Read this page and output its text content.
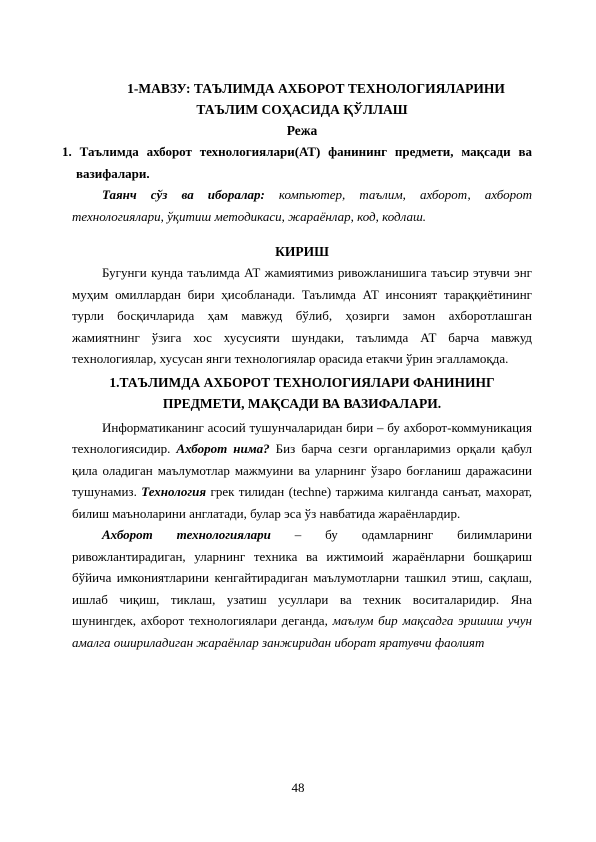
1-МАВЗУ: ТАЪЛИМДА АХБОРОТ ТЕХНОЛОГИЯЛАРИНИ
ТАЪЛИМ СОҲАСИДА ҚЎЛЛАШ
Режа

1. Таълимда ахборот технологиялари(АТ) фанининг предмети, мақсади ва вазифалари.

Таянч сўз ва иборалар: компьютер, таълим, ахборот, ахборот технологиялари, ўқитиш методикаси, жараёнлар, код, кодлаш.

КИРИШ

Бугунги кунда таълимда АТ жамиятимиз ривожланишига таъсир этувчи энг муҳим омиллардан бири ҳисобланади. Таълимда АТ инсоният тараққиётининг турли босқичларида ҳам мавжуд бўлиб, ҳозирги замон ахборотлашган жамиятнинг ўзига хос хусусияти шундаки, таълимда АТ барча мавжуд технологиялар, хусусан янги технологиялар орасида етакчи ўрин эгалламоқда.

1.ТАЪЛИМДА АХБОРОТ ТЕХНОЛОГИЯЛАРИ ФАНИНИНГ
ПРЕДМЕТИ, МАҚСАДИ ВА ВАЗИФАЛАРИ.

Информатиканинг асосий тушунчаларидан бири – бу ахборот-коммуникация технологиясидир. Ахборот нима? Биз барча сезги органларимиз орқали қабул қила оладиган маълумотлар мажмуини ва уларнинг ўзаро боғланиш даражасини тушунамиз. Технология грек тилидан (techne) таржима килганда санъат, махорат, билиш маъноларини англатади, булар эса ўз навбатида жараёнлардир.

Ахборот технологиялари – бу одамларнинг билимларини ривожлантирадиган, уларнинг техника ва ижтимоий жараёнларни бошқариш бўйича имкониятларини кенгайтирадиган маълумотларни ташкил этиш, сақлаш, ишлаб чиқиш, тиклаш, узатиш усуллари ва техник воситаларидир. Яна шунингдек, ахборот технологиялари деганда, маълум бир мақсадга эришиш учун амалга ошириладиган жараёнлар занжиридан иборат яратувчи фаолият

48
